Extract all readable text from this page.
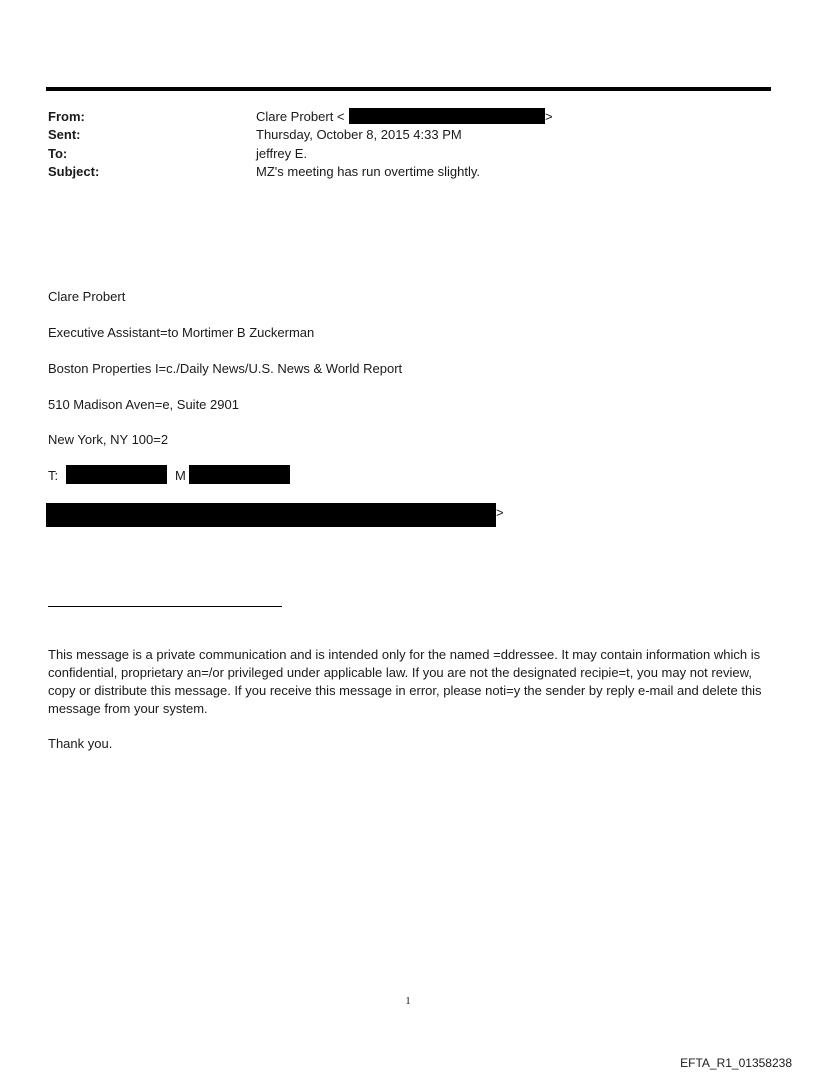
From:	Clare Probert <	>
Sent:	Thursday, October 8, 2015 4:33 PM
To:	jeffrey E.
Subject:	MZ's meeting has run overtime slightly.
Clare Probert
Executive Assistant=to Mortimer B Zuckerman
Boston Properties I=c./Daily News/U.S. News & World Report
510 Madison Aven=e, Suite 2901
New York, NY 100=2
T:	M
>
This message is a private communication and is intended only for the named =ddressee. It may contain information which is confidential, proprietary an=/or privileged under applicable law. If you are not the designated recipie=t, you may not review, copy or distribute this message. If you receive this message in error, please noti=y the sender by reply e-mail and delete this message from your system.
Thank you.
1
EFTA_R1_01358238
